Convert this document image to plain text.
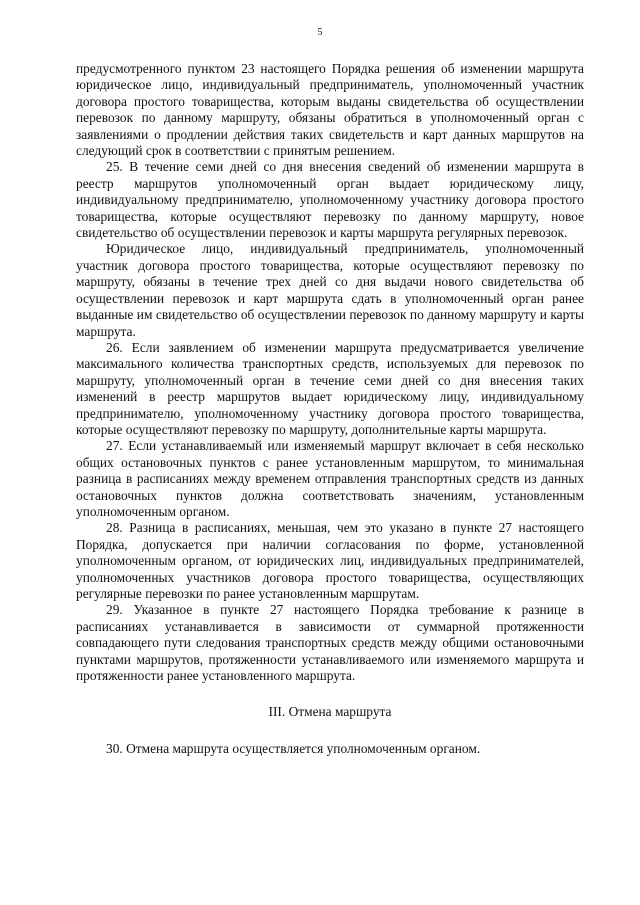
5

предусмотренного пунктом 23 настоящего Порядка решения об изменении маршрута юридическое лицо, индивидуальный предприниматель, уполномоченный участник договора простого товарищества, которым выданы свидетельства об осуществлении перевозок по данному маршруту, обязаны обратиться в уполномоченный орган с заявлениями о продлении действия таких свидетельств и карт данных маршрутов на следующий срок в соответствии с принятым решением.

25. В течение семи дней со дня внесения сведений об изменении маршрута в реестр маршрутов уполномоченный орган выдает юридическому лицу, индивидуальному предпринимателю, уполномоченному участнику договора простого товарищества, которые осуществляют перевозку по данному маршруту, новое свидетельство об осуществлении перевозок и карты маршрута регулярных перевозок.

Юридическое лицо, индивидуальный предприниматель, уполномоченный участник договора простого товарищества, которые осуществляют перевозку по маршруту, обязаны в течение трех дней со дня выдачи нового свидетельства об осуществлении перевозок и карт маршрута сдать в уполномоченный орган ранее выданные им свидетельство об осуществлении перевозок по данному маршруту и карты маршрута.

26. Если заявлением об изменении маршрута предусматривается увеличение максимального количества транспортных средств, используемых для перевозок по маршруту, уполномоченный орган в течение семи дней со дня внесения таких изменений в реестр маршрутов выдает юридическому лицу, индивидуальному предпринимателю, уполномоченному участнику договора простого товарищества, которые осуществляют перевозку по маршруту, дополнительные карты маршрута.

27. Если устанавливаемый или изменяемый маршрут включает в себя несколько общих остановочных пунктов с ранее установленным маршрутом, то минимальная разница в расписаниях между временем отправления транспортных средств из данных остановочных пунктов должна соответствовать значениям, установленным уполномоченным органом.

28. Разница в расписаниях, меньшая, чем это указано в пункте 27 настоящего Порядка, допускается при наличии согласования по форме, установленной уполномоченным органом, от юридических лиц, индивидуальных предпринимателей, уполномоченных участников договора простого товарищества, осуществляющих регулярные перевозки по ранее установленным маршрутам.

29. Указанное в пункте 27 настоящего Порядка требование к разнице в расписаниях устанавливается в зависимости от суммарной протяженности совпадающего пути следования транспортных средств между общими остановочными пунктами маршрутов, протяженности устанавливаемого или изменяемого маршрута и протяженности ранее установленного маршрута.

III. Отмена маршрута

30. Отмена маршрута осуществляется уполномоченным органом.
